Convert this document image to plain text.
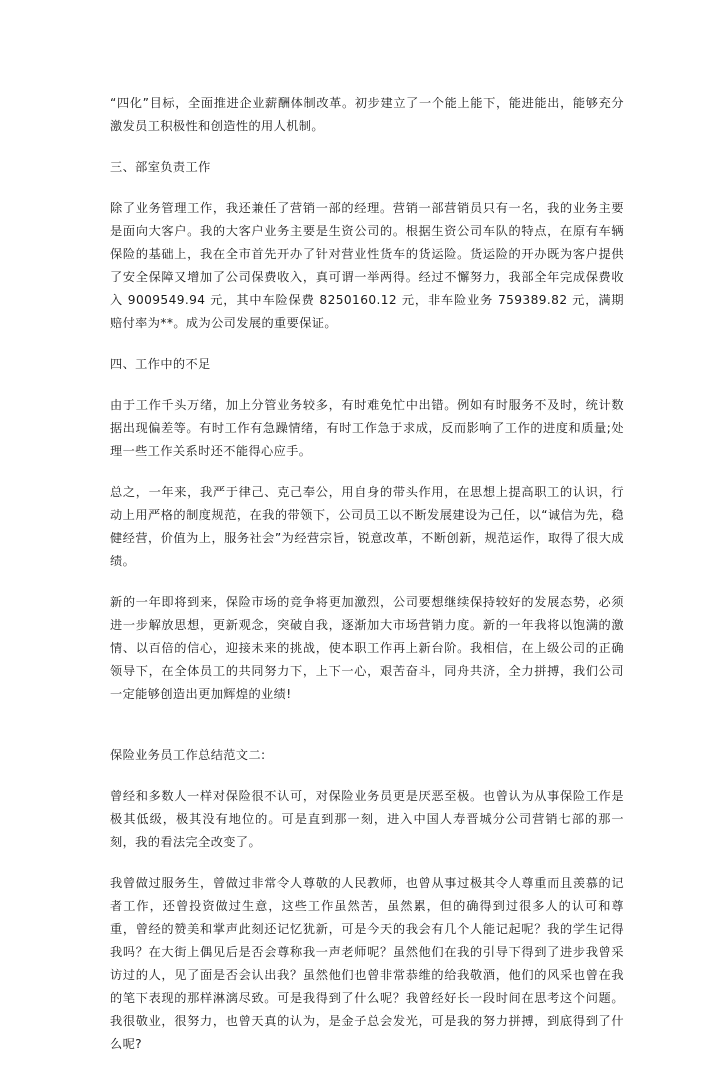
“四化”目标，全面推进企业薪酬体制改革。初步建立了一个能上能下，能进能出，能够充分激发员工积极性和创造性的用人机制。

三、部室负责工作

除了业务管理工作，我还兼任了营销一部的经理。营销一部营销员只有一名，我的业务主要是面向大客户。我的大客户业务主要是生资公司的。根据生资公司车队的特点，在原有车辆保险的基础上，我在全市首先开办了针对营业性货车的货运险。货运险的开办既为客户提供了安全保障又增加了公司保费收入，真可谓一举两得。经过不懈努力，我部全年完成保费收入 9009549.94 元，其中车险保费 8250160.12 元，非车险业务 759389.82 元，满期赔付率为**。成为公司发展的重要保证。

四、工作中的不足

由于工作千头万绪，加上分管业务较多，有时难免忙中出错。例如有时服务不及时，统计数据出现偏差等。有时工作有急躁情绪，有时工作急于求成，反而影响了工作的进度和质量;处理一些工作关系时还不能得心应手。

总之，一年来，我严于律己、克己奉公，用自身的带头作用，在思想上提高职工的认识，行动上用严格的制度规范，在我的带领下，公司员工以不断发展建设为己任，以“诚信为先，稳健经营，价值为上，服务社会”为经营宗旨，锐意改革，不断创新，规范运作，取得了很大成绩。

新的一年即将到来，保险市场的竞争将更加激烈，公司要想继续保持较好的发展态势，必须进一步解放思想，更新观念，突破自我，逐渐加大市场营销力度。新的一年我将以饱满的激情、以百倍的信心，迎接未来的挑战，使本职工作再上新台阶。我相信，在上级公司的正确领导下，在全体员工的共同努力下，上下一心，艰苦奋斗，同舟共济，全力拼搏，我们公司一定能够创造出更加辉煌的业绩!

保险业务员工作总结范文二:

曾经和多数人一样对保险很不认可，对保险业务员更是厌恶至极。也曾认为从事保险工作是极其低级，极其没有地位的。可是直到那一刻，进入中国人寿晋城分公司营销七部的那一刻，我的看法完全改变了。

我曾做过服务生，曾做过非常令人尊敬的人民教师，也曾从事过极其令人尊重而且羡慕的记者工作，还曾投资做过生意，这些工作虽然苦，虽然累，但的确得到过很多人的认可和尊重，曾经的赞美和掌声此刻还记忆犹新，可是今天的我会有几个人能记起呢？我的学生记得我吗？在大街上偶见后是否会尊称我一声老师呢？虽然他们在我的引导下得到了进步我曾采访过的人，见了面是否会认出我？虽然他们也曾非常恭维的给我敬酒，他们的风采也曾在我的笔下表现的那样淋漓尽致。可是我得到了什么呢？我曾经好长一段时间在思考这个问题。我很敬业，很努力，也曾天真的认为，是金子总会发光，可是我的努力拼搏，到底得到了什么呢?
